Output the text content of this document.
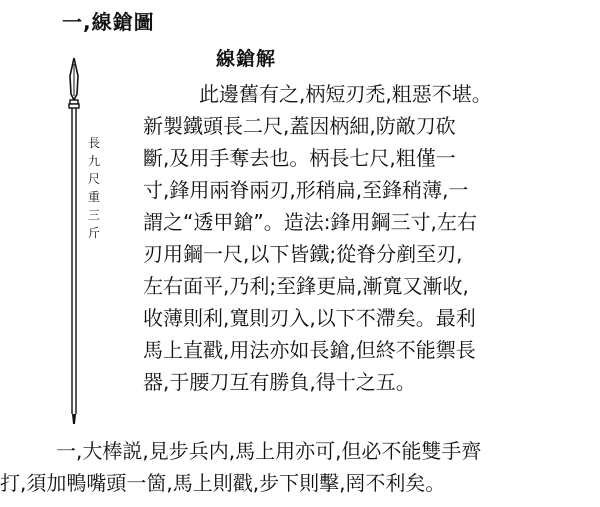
一,線鎗圖
線鎗解
長
九
尺
重
三
斤
此邊舊有之,柄短刃禿,粗惡不堪。
新製鐵頭長二尺,蓋因柄細,防敵刀砍
斷,及用手奪去也。柄長七尺,粗僅一
寸,鋒用兩脊兩刃,形稍扁,至鋒稍薄,一
謂之“透甲鎗”。造法:鋒用鋼三寸,左右
刃用鋼一尺,以下皆鐵;從脊分剷至刃,
左右面平,乃利;至鋒更扁,漸寬又漸收,
收薄則利,寬則刃入,以下不滯矣。最利
馬上直戳,用法亦如長鎗,但終不能禦長
器,于腰刀互有勝負,得十之五。
一,大棒説,見步兵内,馬上用亦可,但必不能雙手齊
打,須加鴨嘴頭一箇,馬上則戳,步下則擊,罔不利矣。
